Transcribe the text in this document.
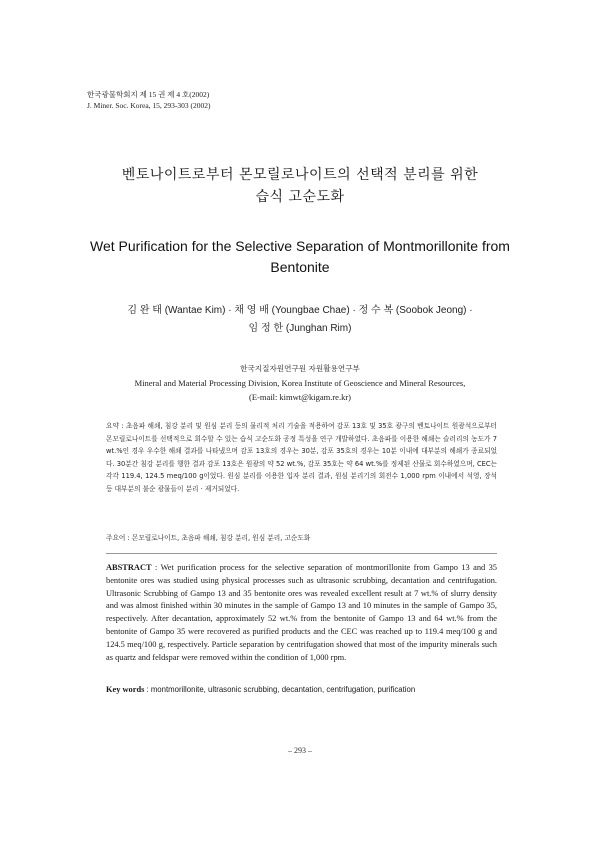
한국광물학회지 제 15 권 제 4 호(2002)
J. Miner. Soc. Korea, 15, 293-303 (2002)
벤토나이트로부터 몬모릴로나이트의 선택적 분리를 위한
습식 고순도화
Wet Purification for the Selective Separation of Montmorillonite from
Bentonite
김 완 태 (Wantae Kim) · 채 영 배 (Youngbae Chae) · 정 수 복 (Soobok Jeong) ·
임 정 한 (Junghan Rim)
한국지질자원연구원 자원활용연구부
Mineral and Material Processing Division, Korea Institute of Geoscience and Mineral Resources,
(E-mail: kimwt@kigam.re.kr)
요약 : 초음파 해쇄, 침강 분리 및 원심 분리 등의 물리적 처리 기술을 적용하여 감포 13호 및 35호 광구의 벤토나이트 원광석으로부터 몬모릴로나이트를 선택적으로 회수할 수 있는 습식 고순도화 공정 특성을 연구 개발하였다. 초음파를 이용한 해쇄는 슬러리의 농도가 7 wt.%인 경우 우수한 해쇄 결과를 나타냈으며 감포 13호의 경우는 30분, 감포 35호의 경우는 10분 이내에 대부분의 해쇄가 종료되었다. 30분간 침강 분리를 행한 결과 감포 13호은 원광의 약 52 wt.%, 감포 35호는 약 64 wt.%를 정제된 산물로 회수하였으며, CEC는 각각 119.4, 124.5 meq/100 g이었다. 원심 분리를 이용한 입자 분리 결과, 원심 분리기의 회전수 1,000 rpm 이내에서 석영, 장석 등 대부분의 불순 광물들이 분리 · 제거되었다.
주요어 : 몬모릴로나이트, 초음파 해쇄, 침강 분리, 원심 분리, 고순도화
ABSTRACT : Wet purification process for the selective separation of montmorillonite from Gampo 13 and 35 bentonite ores was studied using physical processes such as ultrasonic scrubbing, decantation and centrifugation. Ultrasonic Scrubbing of Gampo 13 and 35 bentonite ores was revealed excellent result at 7 wt.% of slurry density and was almost finished within 30 minutes in the sample of Gampo 13 and 10 minutes in the sample of Gampo 35, respectively. After decantation, approximately 52 wt.% from the bentonite of Gampo 13 and 64 wt.% from the bentonite of Gampo 35 were recovered as purified products and the CEC was reached up to 119.4 meq/100 g and 124.5 meq/100 g, respectively. Particle separation by centrifugation showed that most of the impurity minerals such as quartz and feldspar were removed within the condition of 1,000 rpm.
Key words : montmorillonite, ultrasonic scrubbing, decantation, centrifugation, purification
– 293 –
